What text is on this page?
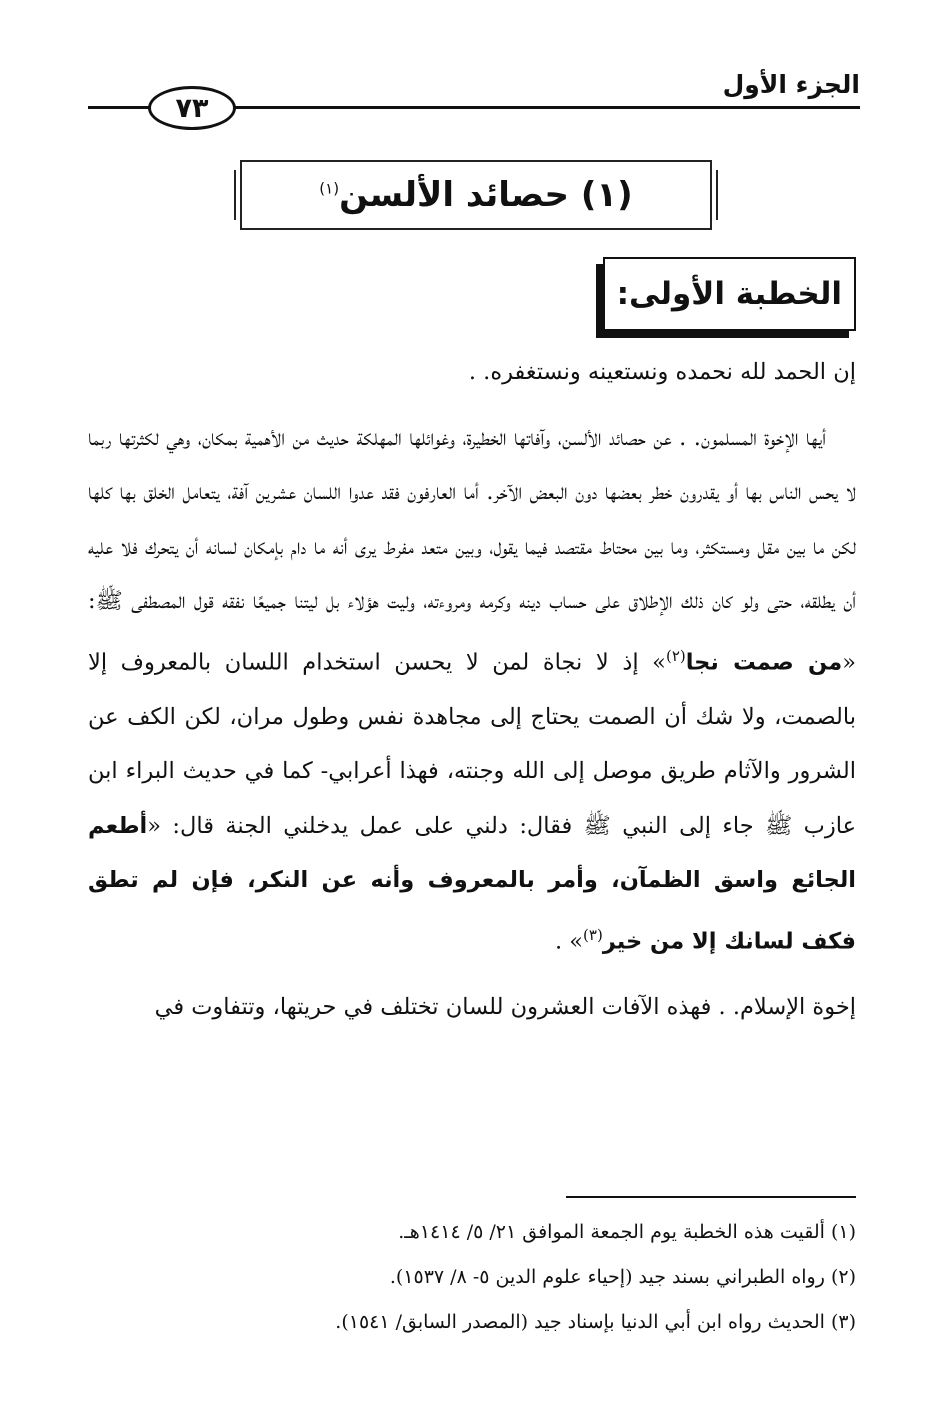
الجزء الأول
٧٣
(١) حصائد الألسن$^{(١)}$
الخطبة الأولى:

إن الحمد لله نحمده ونستعينه ونستغفره. .

أيها الإخوة المسلمون. . عن حصائد الألسن، وآفاتها الخطيرة، وغوائلها المهلكة حديث من الأهمية بمكان، وهي لكثرتها ربما لا يحس الناس بها أو يقدرون خطر بعضها دون البعض الآخر. أما العارفون فقد عدوا اللسان عشرين آفة، يتعامل الخلق بها كلها لكن ما بين مقل ومستكثر، وما بين محتاط مقتصد فيما يقول، وبين متعد مفرط يرى أنه ما دام بإمكان لسانه أن يتحرك فلا عليه أن يطلقه، حتى ولو كان ذلك الإطلاق على حساب دينه وكرمه ومروءته، وليت هؤلاء بل ليتنا جميعًا نفقه قول المصطفى ﷺ: «من صمت نجا$^{(٢)}$» إذ لا نجاة لمن لا يحسن استخدام اللسان بالمعروف إلا بالصمت، ولا شك أن الصمت يحتاج إلى مجاهدة نفس وطول مران، لكن الكف عن الشرور والآثام طريق موصل إلى الله وجنته، فهذا أعرابي- كما في حديث البراء ابن عازب ﷺ جاء إلى النبي ﷺ فقال: دلني على عمل يدخلني الجنة قال: «أطعم الجائع واسق الظمآن، وأمر بالمعروف وأنه عن النكر، فإن لم تطق فكف لسانك إلا من خير$^{(٣)}$» .

إخوة الإسلام. . فهذه الآفات العشرون للسان تختلف في حريتها، وتتفاوت في

(١) ألقيت هذه الخطبة يوم الجمعة الموافق ٢١/ ٥/ ١٤١٤هـ.
(٢) رواه الطبراني بسند جيد (إحياء علوم الدين ٥- ٨/ ١٥٣٧).
(٣) الحديث رواه ابن أبي الدنيا بإسناد جيد (المصدر السابق/ ١٥٤١).
